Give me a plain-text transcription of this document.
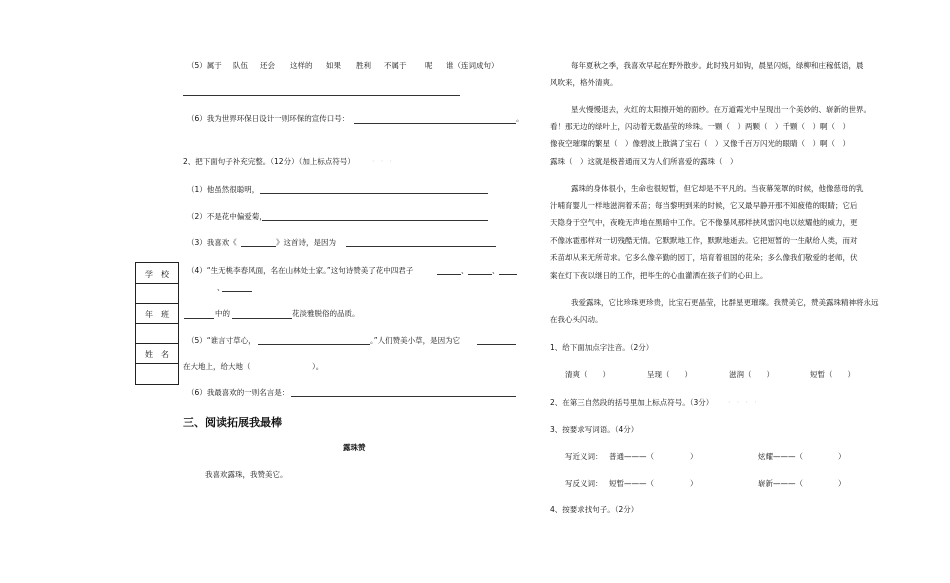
（5）属于 队伍 还会 这样的 如果 胜利 不属于 呢 谁（连词成句）
（6）我为世界环保日设计一则环保的宣传口号：	。
2、把下面句子补充完整。（12分）（加上标点符号） · · ·
（1）他虽然很聪明，
（2）不是花中偏爱菊，
（3）我喜欢《	》这首诗，是因为
（4）“生无桃李春风面，名在山林处士家。”这句诗赞美了花中四君子	、	、
、
中的	花淡雅脱俗的品质。
（5）“谁言寸草心，	。”人们赞美小草，是因为它
在大地上，给大地（	）。
（6）我最喜欢的一则名言是：
三、阅读拓展我最棒
露珠赞
我喜欢露珠，我赞美它。
学　校
年　班
姓　名
每年夏秋之季，我喜欢早起在野外散步。此时残月如钩，晨星闪烁，绿柳和庄稼低语，晨
风吹来，格外清爽。
星火慢慢退去，火红的太阳擦开她的面纱。在万道霞光中呈现出一个美妙的、崭新的世界。
看！那无边的绿叶上，闪动着无数晶莹的珍珠。一颗（　）两颗（　）千颗（　）啊（　）
像夜空璀璨的繁星（　）像碧波上散满了宝石（　）又像千百万闪光的眼睛（　）啊（　）
露珠（　）这就是极普通而又为人们所喜爱的露珠（　）
露珠的身体很小，生命也很短暂，但它却是不平凡的。当夜幕笼罩的时候，他像慈母的乳
汁哺育婴儿一样地滋润着禾苗；每当黎明到来的时候，它又最早静开那不知疲倦的眼睛；它后
天隐身于空气中，夜晚无声地在黑暗中工作。它不像暴风那样挟风雷闪电以炫耀他的威力，更
不像冰雹那样对一切残酷无情。它默默地工作，默默地逝去。它把短暂的一生献给人类，而对
禾苗却从来无所苛求。它多么像辛勤的园丁，培育着祖国的花朵；多么像我们敬爱的老师，伏
案在灯下夜以继日的工作，把毕生的心血灌洒在孩子们的心田上。
我爱露珠，它比珍珠更珍贵，比宝石更晶莹，比群星更璀璨。我赞美它，赞美露珠精神将永远
在我心头闪动。
1、给下面加点字注音。（2分）
清爽（　　）	呈现（　　）	滋润（　　）	短暂（　　）
2、在第三自然段的括号里加上标点符号。（3分） · · · ·
3、按要求写词语。（4分）
写近义词： 普通———（	）	炫耀———（	）
写反义词： 短暂———（	）	崭新———（	）
4、按要求找句子。（2分）
